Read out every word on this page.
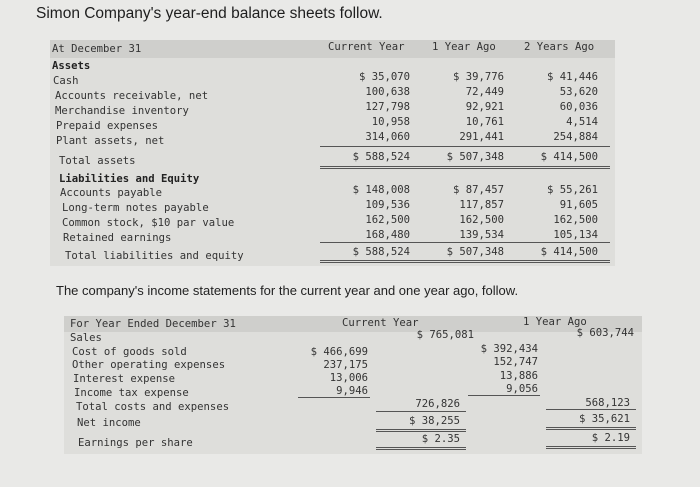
Simon Company's year-end balance sheets follow.
At December 31	Current Year	1 Year Ago	2 Years Ago
Assets
Cash	$ 35,070	$ 39,776	$ 41,446
Accounts receivable, net	100,638	72,449	53,620
Merchandise inventory	127,798	92,921	60,036
Prepaid expenses	10,958	10,761	4,514
Plant assets, net	314,060	291,441	254,884
Total assets	$ 588,524	$ 507,348	$ 414,500
Liabilities and Equity
Accounts payable	$ 148,008	$ 87,457	$ 55,261
Long-term notes payable	109,536	117,857	91,605
Common stock, $10 par value	162,500	162,500	162,500
Retained earnings	168,480	139,534	105,134
Total liabilities and equity	$ 588,524	$ 507,348	$ 414,500
The company's income statements for the current year and one year ago, follow.
For Year Ended December 31	Current Year	1 Year Ago
Sales	$ 765,081	$ 603,744
Cost of goods sold	$ 466,699	$ 392,434
Other operating expenses	237,175	152,747
Interest expense	13,006	13,886
Income tax expense	9,946	9,056
Total costs and expenses	726,826	568,123
Net income	$ 38,255	$ 35,621
Earnings per share	$ 2.35	$ 2.19
